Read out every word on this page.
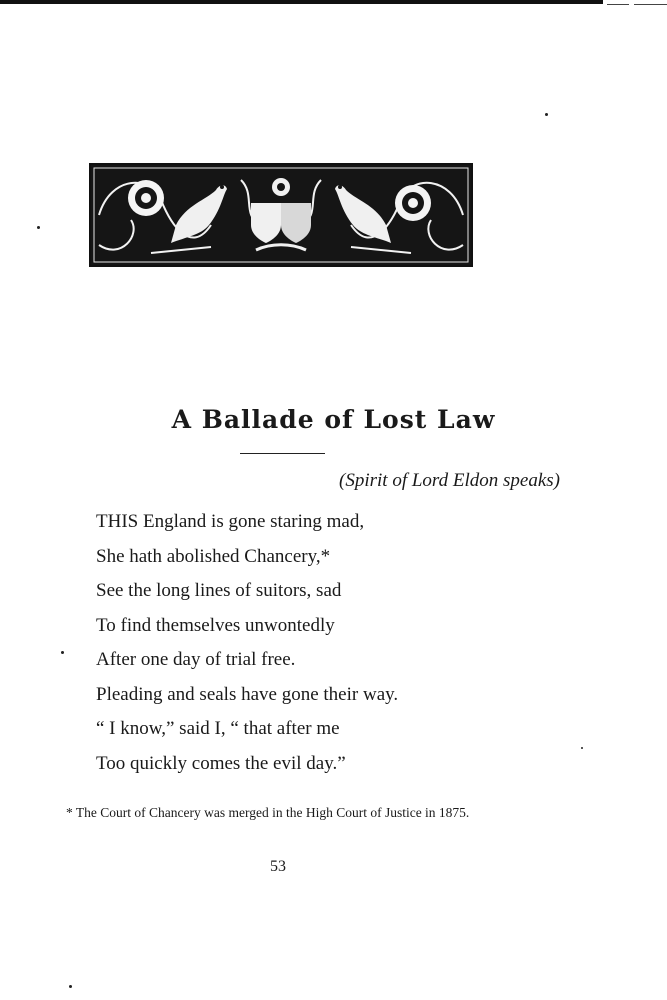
A Ballade of Lost Law
(Spirit of Lord Eldon speaks)
THIS England is gone staring mad,
She hath abolished Chancery,*
See the long lines of suitors, sad
To find themselves unwontedly
After one day of trial free.
Pleading and seals have gone their way.
“ I know,” said I, “ that after me
Too quickly comes the evil day.”
* The Court of Chancery was merged in the High Court of Justice in 1875.
53
